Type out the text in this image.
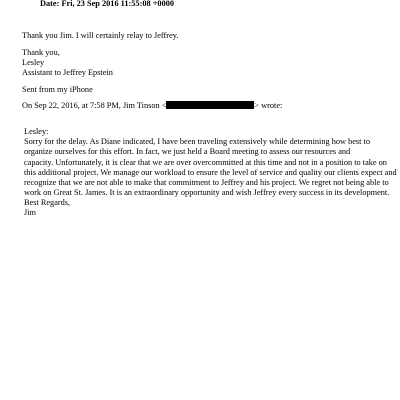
Date: Fri, 23 Sep 2016 11:55:08 +0000
Thank you Jim. I will certainly relay to Jeffrey.
Thank you,
Lesley
Assistant to Jeffrey Epstein
Sent from my iPhone
On Sep 22, 2016, at 7:58 PM, Jim Tinson <	> wrote:
Lesley:
Sorry for the delay. As Diane indicated, I have been traveling extensively while determining how best to
organize ourselves for this effort. In fact, we just held a Board meeting to assess our resources and
capacity. Unfortunately, it is clear that we are over overcommitted at this time and not in a position to take on
this additional project. We manage our workload to ensure the level of service and quality our clients expect and
recognize that we are not able to make that commitment to Jeffrey and his project. We regret not being able to
work on Great St. James. It is an extraordinary opportunity and wish Jeffrey every success in its development.
Best Regards,
Jim
